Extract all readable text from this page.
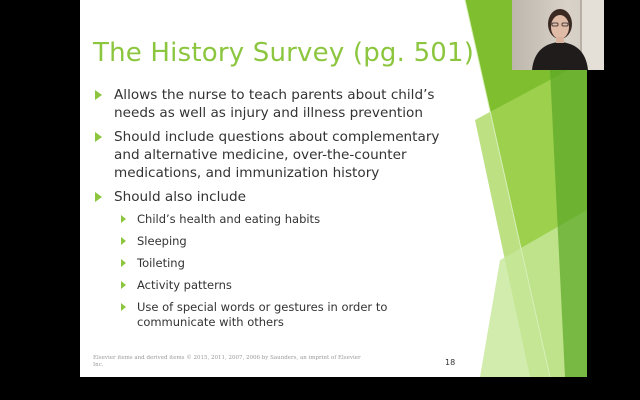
The History Survey (pg. 501)
Allows the nurse to teach parents about child’s needs as well as injury and illness prevention
Should include questions about complementary and alternative medicine, over-the-counter medications, and immunization history
Should also include
Child’s health and eating habits
Sleeping
Toileting
Activity patterns
Use of special words or gestures in order to communicate with others
Elsevier items and derived items © 2015, 2011, 2007, 2006 by Saunders, an imprint of Elsevier Inc.	18
